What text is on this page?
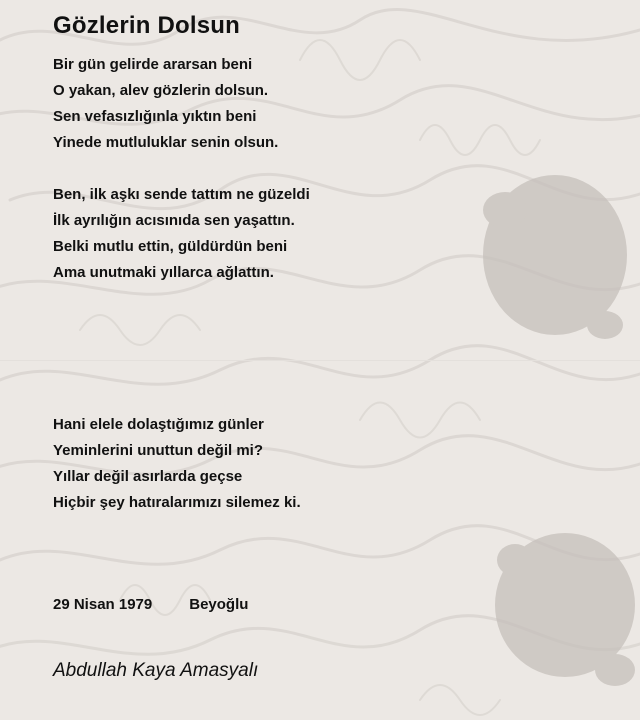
Gözlerin Dolsun
Bir gün gelirde ararsan beni
O yakan, alev gözlerin dolsun.
Sen vefasızlığınla yıktın beni
Yinede mutluluklar senin olsun.
Ben, ilk aşkı sende tattım ne güzeldi
İlk ayrılığın acısınıda sen yaşattın.
Belki mutlu ettin, güldürdün beni
Ama unutmaki yıllarca ağlattın.
Hani elele dolaştığımız günler
Yeminlerini unuttun değil mi?
Yıllar değil asırlarda geçse
Hiçbir şey hatıralarımızı silemez ki.
29 Nisan 1979 Beyoğlu
Abdullah Kaya Amasyalı
